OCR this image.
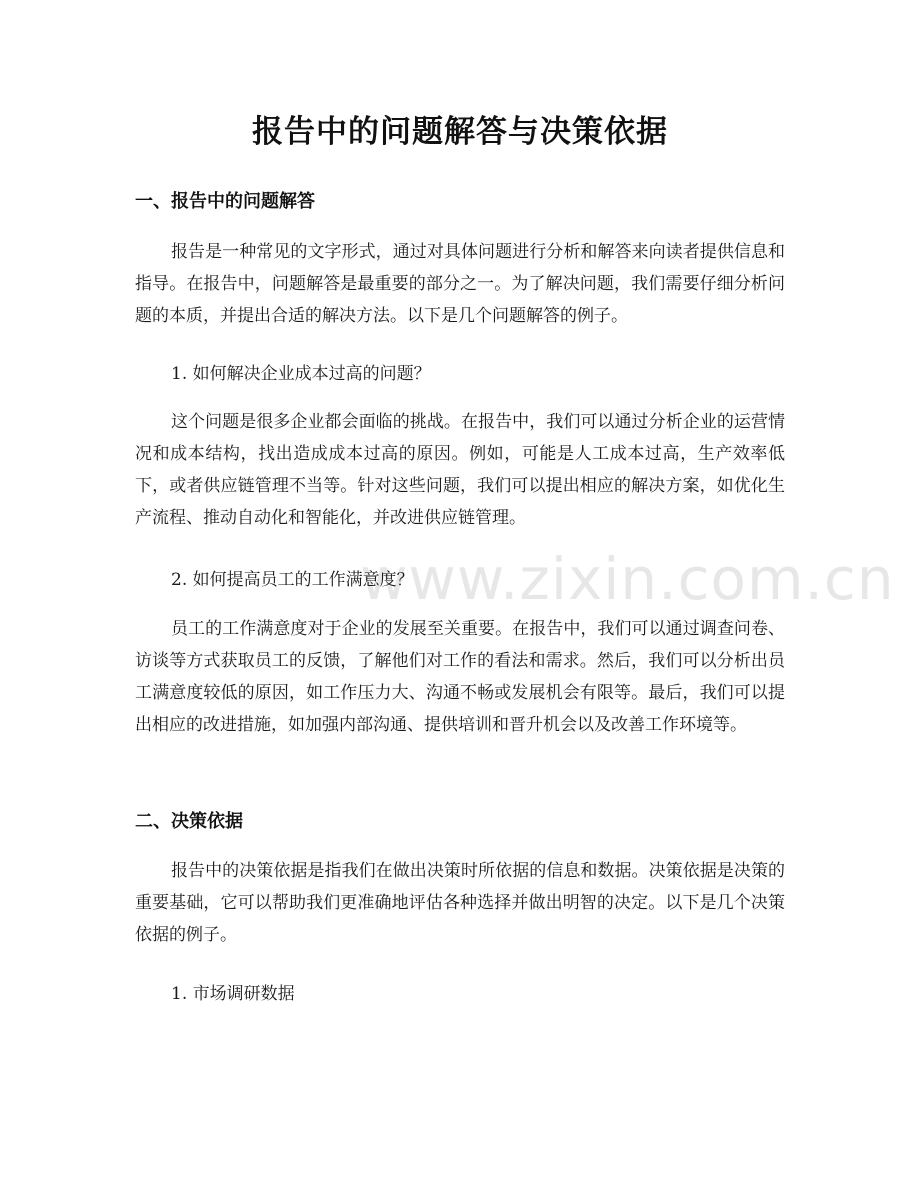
www.zixin.com.cn
报告中的问题解答与决策依据
一、报告中的问题解答
报告是一种常见的文字形式，通过对具体问题进行分析和解答来向读者提供信息和指导。在报告中，问题解答是最重要的部分之一。为了解决问题，我们需要仔细分析问题的本质，并提出合适的解决方法。以下是几个问题解答的例子。
1. 如何解决企业成本过高的问题？
这个问题是很多企业都会面临的挑战。在报告中，我们可以通过分析企业的运营情况和成本结构，找出造成成本过高的原因。例如，可能是人工成本过高，生产效率低下，或者供应链管理不当等。针对这些问题，我们可以提出相应的解决方案，如优化生产流程、推动自动化和智能化，并改进供应链管理。
2. 如何提高员工的工作满意度？
员工的工作满意度对于企业的发展至关重要。在报告中，我们可以通过调查问卷、访谈等方式获取员工的反馈，了解他们对工作的看法和需求。然后，我们可以分析出员工满意度较低的原因，如工作压力大、沟通不畅或发展机会有限等。最后，我们可以提出相应的改进措施，如加强内部沟通、提供培训和晋升机会以及改善工作环境等。
二、决策依据
报告中的决策依据是指我们在做出决策时所依据的信息和数据。决策依据是决策的重要基础，它可以帮助我们更准确地评估各种选择并做出明智的决定。以下是几个决策依据的例子。
1. 市场调研数据
